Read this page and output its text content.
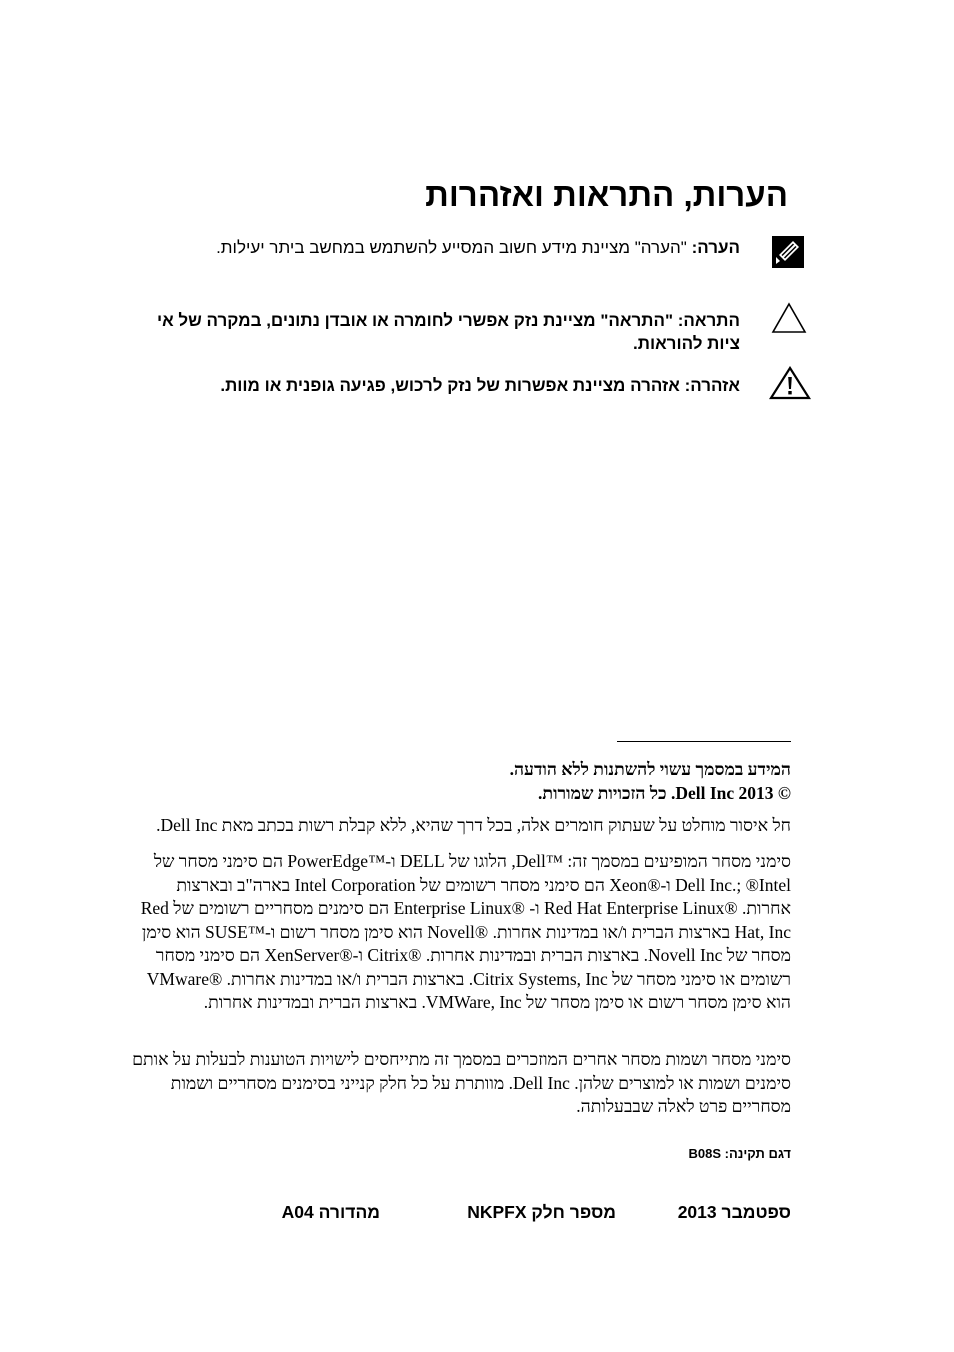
הערות, התראות ואזהרות
הערה: "הערה" מציינת מידע חשוב המסייע להשתמש במחשב ביתר יעילות.
התראה: "התראה" מציינת נזק אפשרי לחומרה או אובדן נתונים, במקרה של אי ציות להוראות.
אזהרה: אזהרה מציינת אפשרות של נזק לרכוש, פגיעה גופנית או מוות.
המידע במסמך עשוי להשתנות ללא הודעה.
© 2013 Dell Inc. כל הזכויות שמורות.
חל איסור מוחלט על שעתוק חומרים אלה, בכל דרך שהיא, ללא קבלת רשות בכתב מאת Dell Inc.
סימני מסחר המופיעים במסמך זה: ™Dell, הלוגו של DELL ו-™PowerEdge הם סימני מסחר של Dell Inc.; ®Intel ו-®Xeon הם סימני מסחר רשומים של Intel Corporation בארה"ב ובארצות אחרות. ®Red Hat Enterprise Linux ו- ®Enterprise Linux הם סימנים מסחריים רשומים של Red Hat, Inc בארצות הברית ו/או במדינות אחרות. ®Novell הוא סימן מסחר רשום ו-™SUSE הוא סימן מסחר של Novell Inc. בארצות הברית ובמדינות אחרות. ®Citrix ו-®XenServer הם סימני מסחר רשומים או סימני מסחר של Citrix Systems, Inc. בארצות הברית ו/או במדינות אחרות. ®VMware הוא סימן מסחר רשום או סימן מסחר של VMWare, Inc. בארצות הברית ובמדינות אחרות.
סימני מסחר ושמות מסחר אחרים המוזכרים במסמך זה מתייחסים לישויות הטוענות לבעלות על אותם סימנים ושמות או למוצרים שלהן. Dell Inc. מוותרת על כל חלק קנייני בסימנים מסחריים ושמות מסחריים פרט לאלה שבבעלותה.
דגם תקינה: B08S
ספטמבר 2013
מספר חלק NKPFX
מהדורה A04
